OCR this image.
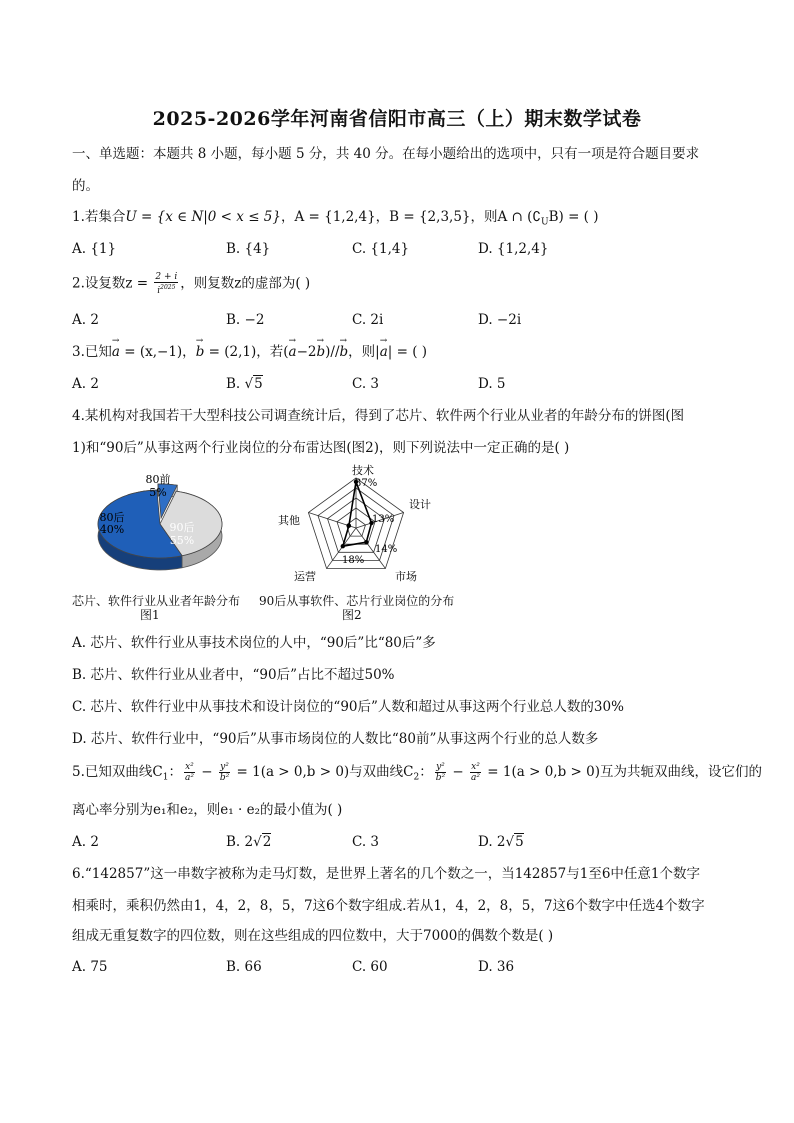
2025-2026学年河南省信阳市高三（上）期末数学试卷
一、单选题：本题共 8 小题，每小题 5 分，共 40 分。在每小题给出的选项中，只有一项是符合题目要求
的。
1.若集合U = {x ∈ N|0 < x ≤ 5}，A = {1,2,4}，B = {2,3,5}，则A ∩ $(∁_UB)$ = ( )
A. {1}	B. {4}	C. {1,4}	D. {1,2,4}
2.设复数$z = \frac{2 + i}{i^{2025}}$ ，则复数z的虚部为( )
A. 2	B. −2	C. 2i	D. −2i
3.已知→ a = (x,−1)，→ b = (2,1)，若(→ a−2→ b)//→ b，则|→ a| = ( )
A. 2	B. √5	C. 3	D. 5
4.某机构对我国若干大型科技公司调查统计后，得到了芯片、软件两个行业从业者的年龄分布的饼图(图
1)和“90后”从事这两个行业岗位的分布雷达图(图2)，则下列说法中一定正确的是( )
80前
5%
80后
40%	90后
55%
芯片、软件行业从业者年龄分布
图1
技术
设计
市场
运营
其他
37%
13%
14%
18%
90后从事软件、芯片行业岗位的分布
图2
A. 芯片、软件行业从事技术岗位的人中，“90后”比“80后”多
B. 芯片、软件行业从业者中，“90后”占比不超过50%
C. 芯片、软件行业中从事技术和设计岗位的“90后”人数和超过从事这两个行业总人数的30%
D. 芯片、软件行业中，“90后”从事市场岗位的人数比“80前”从事这两个行业的总人数多
5.已知双曲线$C_1$： $\frac{\text{x²}}{\text{a²}} - \frac{\text{y²}}{\text{b²}} = 1(a > 0,b > 0)$与双曲线$C_2$： $\frac{\text{y²}}{\text{b²}} - \frac{\text{x²}}{\text{a²}} = 1(a > 0,b > 0)$互为共轭双曲线，设它们的
离心率分别为e₁和e₂，则e₁ · e₂的最小值为( )
A. 2	B. 2√2	C. 3	D. 2√5
6.“142857”这一串数字被称为走马灯数，是世界上著名的几个数之一，当142857与1至6中任意1个数字
相乘时，乘积仍然由1，4，2，8，5，7这6个数字组成.若从1，4，2，8，5，7这6个数字中任选4个数字
组成无重复数字的四位数，则在这些组成的四位数中，大于7000的偶数个数是( )
A. 75	B. 66	C. 60	D. 36
